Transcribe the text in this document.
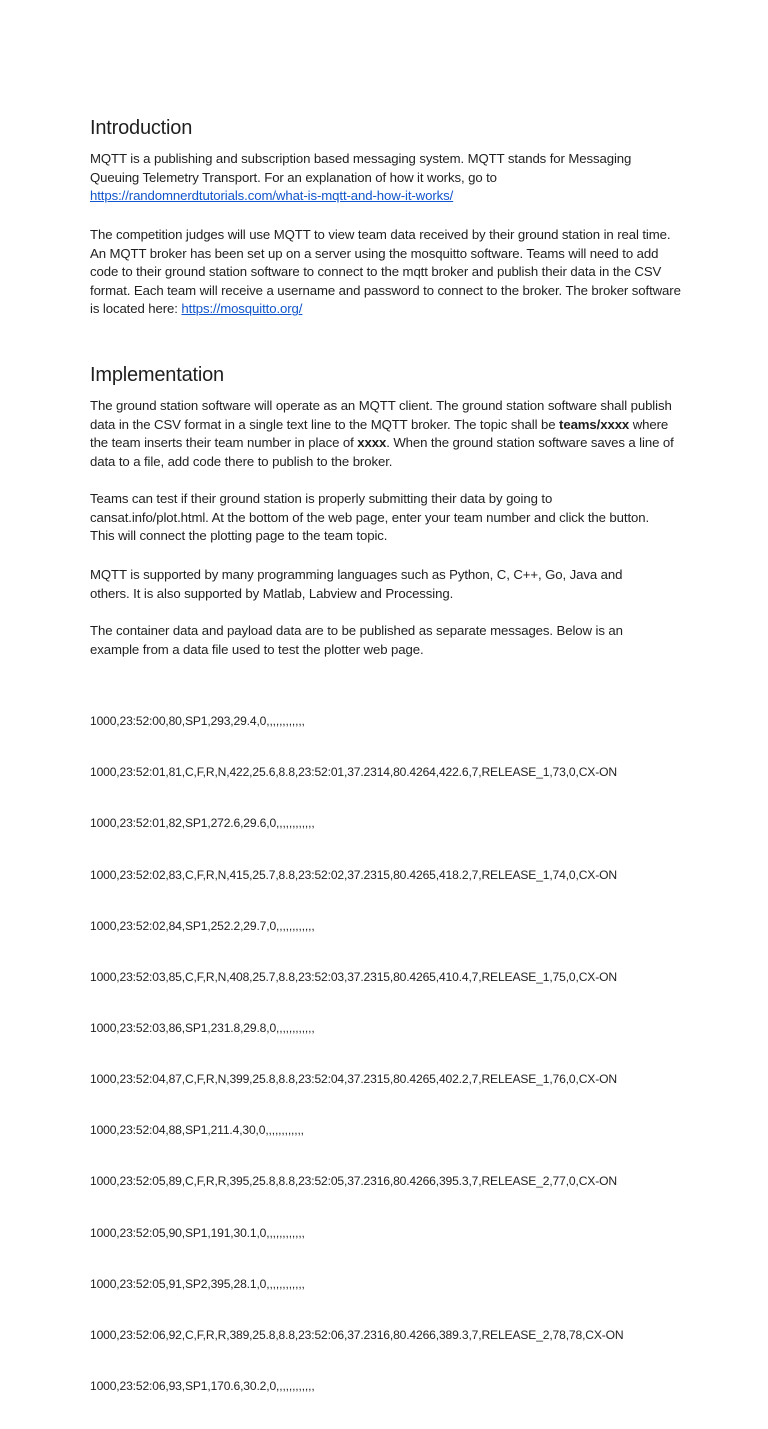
Introduction

MQTT is a publishing and subscription based messaging system. MQTT stands for Messaging Queuing Telemetry Transport. For an explanation of how it works, go to https://randomnerdtutorials.com/what-is-mqtt-and-how-it-works/

The competition judges will use MQTT to view team data received by their ground station in real time. An MQTT broker has been set up on a server using the mosquitto software. Teams will need to add code to their ground station software to connect to the mqtt broker and publish their data in the CSV format. Each team will receive a username and password to connect to the broker. The broker software is located here: https://mosquitto.org/

Implementation

The ground station software will operate as an MQTT client. The ground station software shall publish data in the CSV format in a single text line to the MQTT broker. The topic shall be teams/xxxx where the team inserts their team number in place of xxxx. When the ground station software saves a line of data to a file, add code there to publish to the broker.

Teams can test if their ground station is properly submitting their data by going to cansat.info/plot.html. At the bottom of the web page, enter your team number and click the button. This will connect the plotting page to the team topic.

MQTT is supported by many programming languages such as Python, C, C++, Go, Java and others. It is also supported by Matlab, Labview and Processing.

The container data and payload data are to be published as separate messages. Below is an example from a data file used to test the plotter web page.

1000,23:52:00,80,SP1,293,29.4,0,,,,,,,,,,,,

1000,23:52:01,81,C,F,R,N,422,25.6,8.8,23:52:01,37.2314,80.4264,422.6,7,RELEASE_1,73,0,CX-ON

1000,23:52:01,82,SP1,272.6,29.6,0,,,,,,,,,,,,

1000,23:52:02,83,C,F,R,N,415,25.7,8.8,23:52:02,37.2315,80.4265,418.2,7,RELEASE_1,74,0,CX-ON

1000,23:52:02,84,SP1,252.2,29.7,0,,,,,,,,,,,,

1000,23:52:03,85,C,F,R,N,408,25.7,8.8,23:52:03,37.2315,80.4265,410.4,7,RELEASE_1,75,0,CX-ON

1000,23:52:03,86,SP1,231.8,29.8,0,,,,,,,,,,,,

1000,23:52:04,87,C,F,R,N,399,25.8,8.8,23:52:04,37.2315,80.4265,402.2,7,RELEASE_1,76,0,CX-ON

1000,23:52:04,88,SP1,211.4,30,0,,,,,,,,,,,,

1000,23:52:05,89,C,F,R,R,395,25.8,8.8,23:52:05,37.2316,80.4266,395.3,7,RELEASE_2,77,0,CX-ON

1000,23:52:05,90,SP1,191,30.1,0,,,,,,,,,,,,

1000,23:52:05,91,SP2,395,28.1,0,,,,,,,,,,,,

1000,23:52:06,92,C,F,R,R,389,25.8,8.8,23:52:06,37.2316,80.4266,389.3,7,RELEASE_2,78,78,CX-ON

1000,23:52:06,93,SP1,170.6,30.2,0,,,,,,,,,,,,
